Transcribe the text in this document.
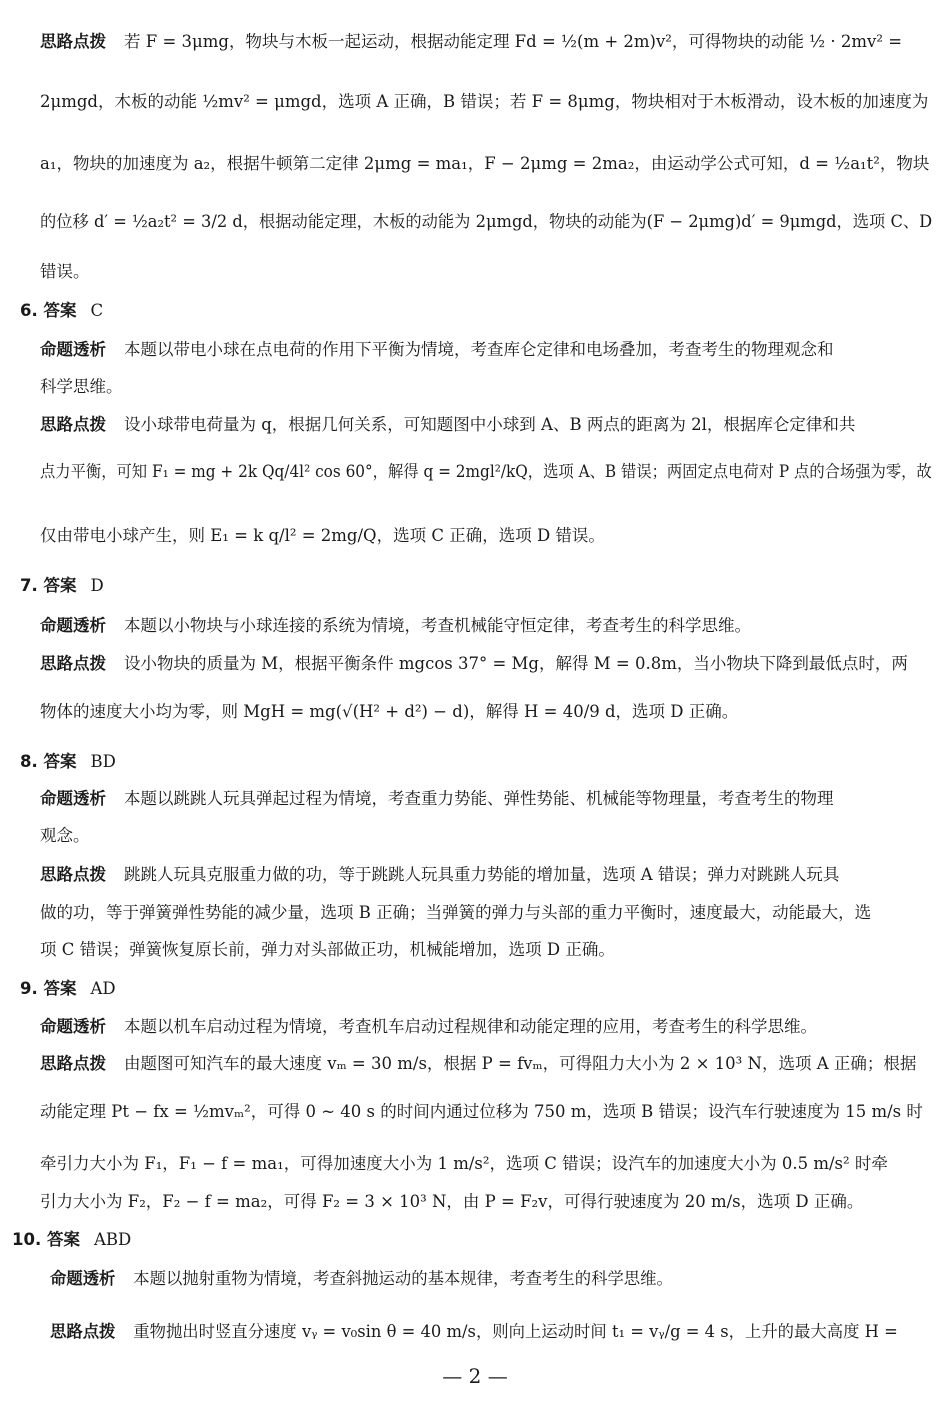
思路点拨 若 F = 3μmg，物块与木板一起运动，根据动能定理 Fd = ½(m + 2m)v²，可得物块的动能 ½ · 2mv² =
2μmgd，木板的动能 ½mv² = μmgd，选项 A 正确，B 错误；若 F = 8μmg，物块相对于木板滑动，设木板的加速度为
a₁，物块的加速度为 a₂，根据牛顿第二定律 2μmg = ma₁，F − 2μmg = 2ma₂，由运动学公式可知，d = ½a₁t²，物块
的位移 d′ = ½a₂t² = 3/2 d，根据动能定理，木板的动能为 2μmgd，物块的动能为(F − 2μmg)d′ = 9μmgd，选项 C、D
错误。
6. 答案 C
命题透析 本题以带电小球在点电荷的作用下平衡为情境，考查库仑定律和电场叠加，考查考生的物理观念和
科学思维。
思路点拨 设小球带电荷量为 q，根据几何关系，可知题图中小球到 A、B 两点的距离为 2l，根据库仑定律和共
点力平衡，可知 F₁ = mg + 2k Qq/4l² cos 60°，解得 q = 2mgl²/kQ，选项 A、B 错误；两固定点电荷对 P 点的合场强为零，故
仅由带电小球产生，则 E₁ = k q/l² = 2mg/Q，选项 C 正确，选项 D 错误。
7. 答案 D
命题透析 本题以小物块与小球连接的系统为情境，考查机械能守恒定律，考查考生的科学思维。
思路点拨 设小物块的质量为 M，根据平衡条件 mgcos 37° = Mg，解得 M = 0.8m，当小物块下降到最低点时，两
物体的速度大小均为零，则 MgH = mg(√(H² + d²) − d)，解得 H = 40/9 d，选项 D 正确。
8. 答案 BD
命题透析 本题以跳跳人玩具弹起过程为情境，考查重力势能、弹性势能、机械能等物理量，考查考生的物理
观念。
思路点拨 跳跳人玩具克服重力做的功，等于跳跳人玩具重力势能的增加量，选项 A 错误；弹力对跳跳人玩具
做的功，等于弹簧弹性势能的减少量，选项 B 正确；当弹簧的弹力与头部的重力平衡时，速度最大，动能最大，选
项 C 错误；弹簧恢复原长前，弹力对头部做正功，机械能增加，选项 D 正确。
9. 答案 AD
命题透析 本题以机车启动过程为情境，考查机车启动过程规律和动能定理的应用，考查考生的科学思维。
思路点拨 由题图可知汽车的最大速度 vₘ = 30 m/s，根据 P = fvₘ，可得阻力大小为 2 × 10³ N，选项 A 正确；根据
动能定理 Pt − fx = ½mvₘ²，可得 0 ~ 40 s 的时间内通过位移为 750 m，选项 B 错误；设汽车行驶速度为 15 m/s 时
牵引力大小为 F₁，F₁ − f = ma₁，可得加速度大小为 1 m/s²，选项 C 错误；设汽车的加速度大小为 0.5 m/s² 时牵
引力大小为 F₂，F₂ − f = ma₂，可得 F₂ = 3 × 10³ N，由 P = F₂v，可得行驶速度为 20 m/s，选项 D 正确。
10. 答案 ABD
命题透析 本题以抛射重物为情境，考查斜抛运动的基本规律，考查考生的科学思维。
思路点拨 重物抛出时竖直分速度 vᵧ = v₀sin θ = 40 m/s，则向上运动时间 t₁ = vᵧ/g = 4 s，上升的最大高度 H =
— 2 —
